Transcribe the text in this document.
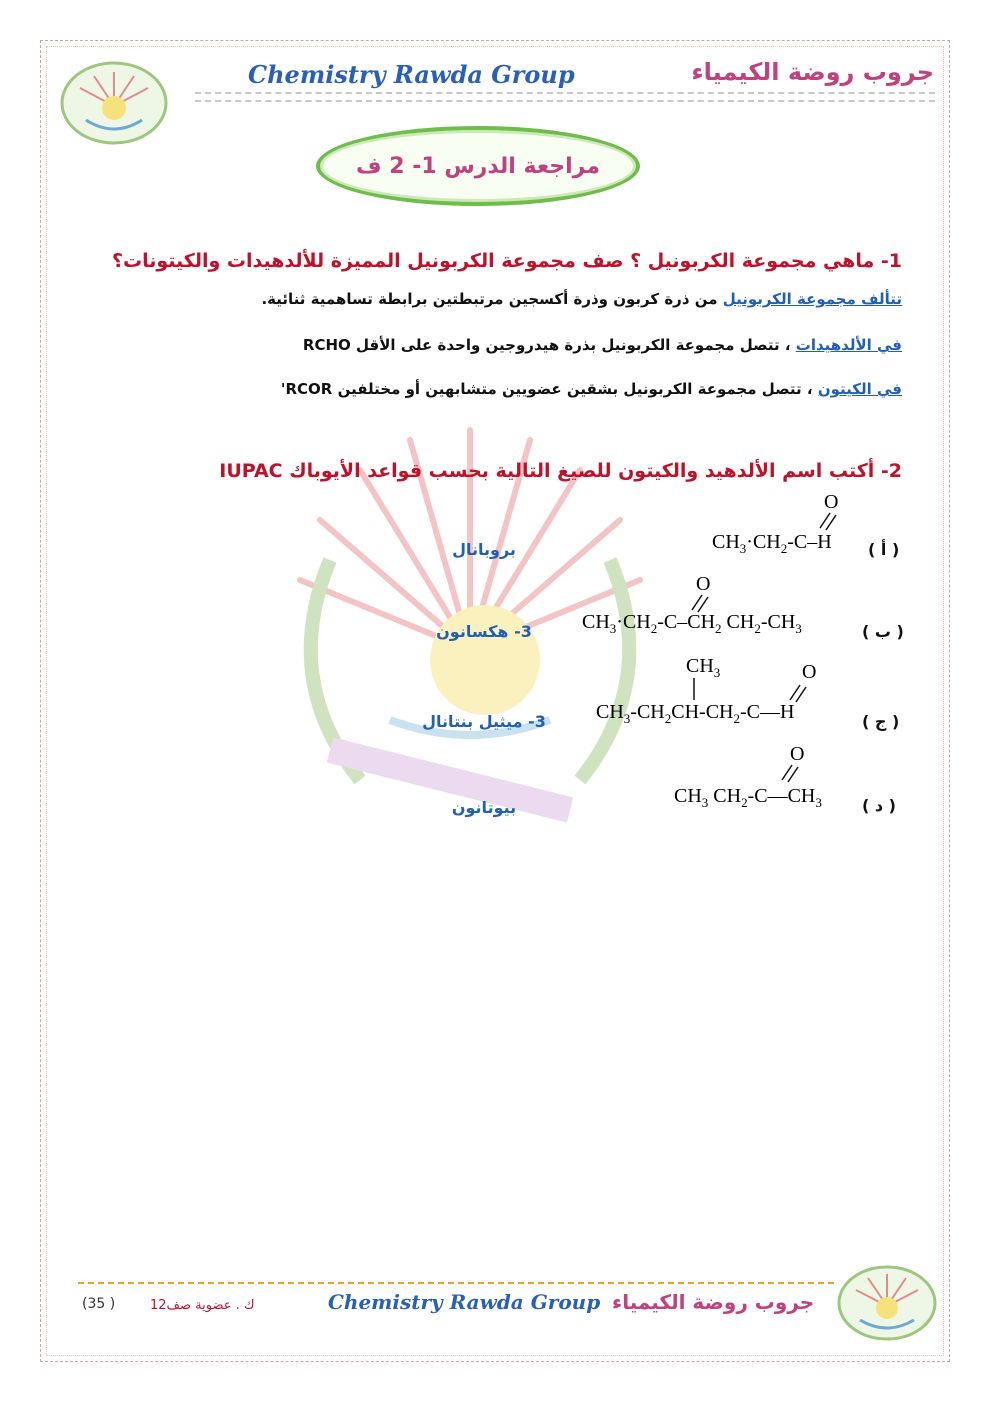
Chemistry Rawda Group	جروب روضة الكيمياء
مراجعة الدرس 1- 2 ف
1- ماهي مجموعة الكربونيل ؟ صف مجموعة الكربونيل المميزة للألدهيدات والكيتونات؟
تتألف مجموعة الكربونيل من ذرة كربون وذرة أكسجين مرتبطتين برابطة تساهمية ثنائية.
في الألدهيدات ، تتصل مجموعة الكربونيل بذرة هيدروجين واحدة على الأقل RCHO
في الكيتون ، تتصل مجموعة الكربونيل بشقين عضويين متشابهين أو مختلفين RCOR'
2- أكتب اسم الألدهيد والكيتون للصيغ التالية بحسب قواعد الأيوباك IUPAC
O
$CH_3\cdot CH_2-C-H$ ( أ )
بروبانال
O
$CH_3\cdot CH_2-C-CH_2$ $CH_2-CH_3$	( ب )
3- هكسانون
$CH_3$	O
$CH_3-CH_2CH-CH_2-C—H$	( ج )
3- ميثيل بنتانال
O
$CH_3$ $CH_2-C—CH_3$	( د )
بيوتانون
جروب روضة الكيمياء
Chemistry Rawda Group
ك . عضوية صف12
(35 )
